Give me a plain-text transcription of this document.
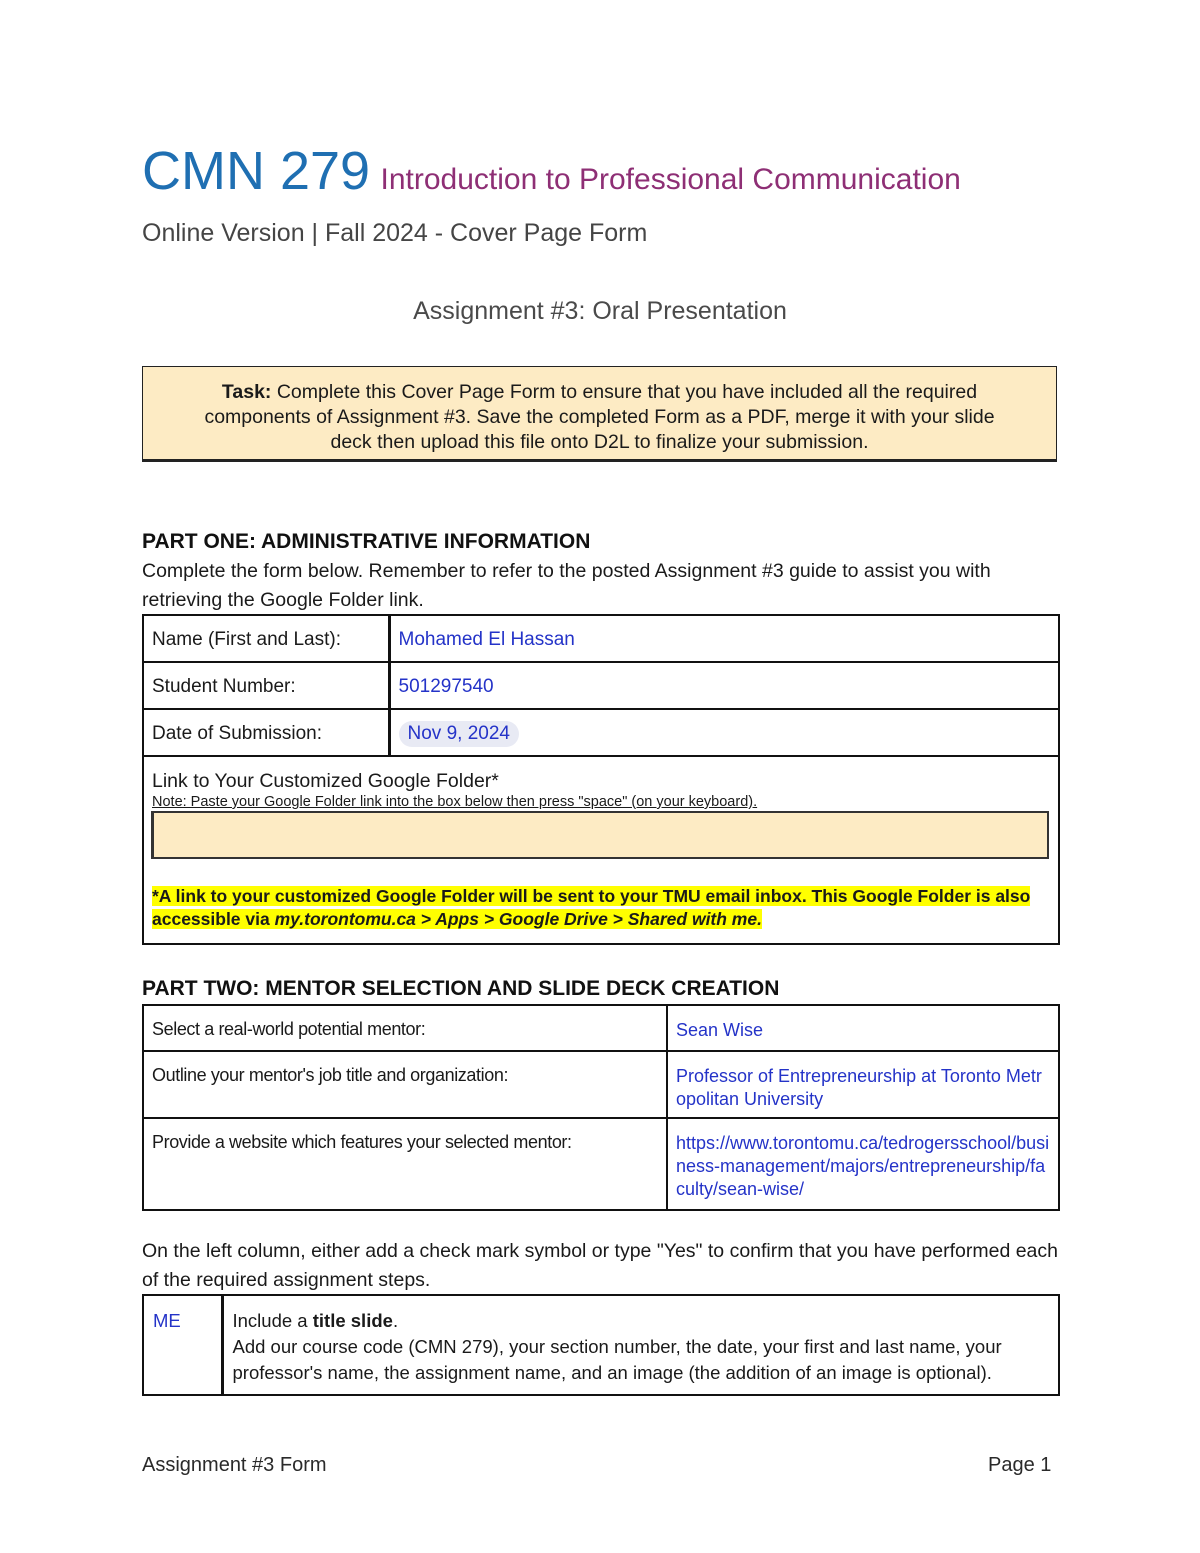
CMN 279 Introduction to Professional Communication
Online Version | Fall 2024 - Cover Page Form
Assignment #3: Oral Presentation
Task: Complete this Cover Page Form to ensure that you have included all the required components of Assignment #3. Save the completed Form as a PDF, merge it with your slide deck then upload this file onto D2L to finalize your submission.
PART ONE: ADMINISTRATIVE INFORMATION
Complete the form below. Remember to refer to the posted Assignment #3 guide to assist you with retrieving the Google Folder link.
Name (First and Last):	Mohamed El Hassan
Student Number:	501297540
Date of Submission:	Nov 9, 2024

Link to Your Customized Google Folder*
Note: Paste your Google Folder link into the box below then press "space" (on your keyboard).
*A link to your customized Google Folder will be sent to your TMU email inbox. This Google Folder is also accessible via my.torontomu.ca > Apps > Google Drive > Shared with me.	
PART TWO: MENTOR SELECTION AND SLIDE DECK CREATION
Select a real-world potential mentor:	Sean Wise
Outline your mentor's job title and organization:	Professor of Entrepreneurship at Toronto Metropolitan University
Provide a website which features your selected mentor:	https://www.torontomu.ca/tedrogersschool/business-management/majors/entrepreneurship/faculty/sean-wise/
On the left column, either add a check mark symbol or type "Yes" to confirm that you have performed each of the required assignment steps.
ME	Include a title slide.
Add our course code (CMN 279), your section number, the date, your first and last name, your professor's name, the assignment name, and an image (the addition of an image is optional).
Assignment #3 Form	Page 1
